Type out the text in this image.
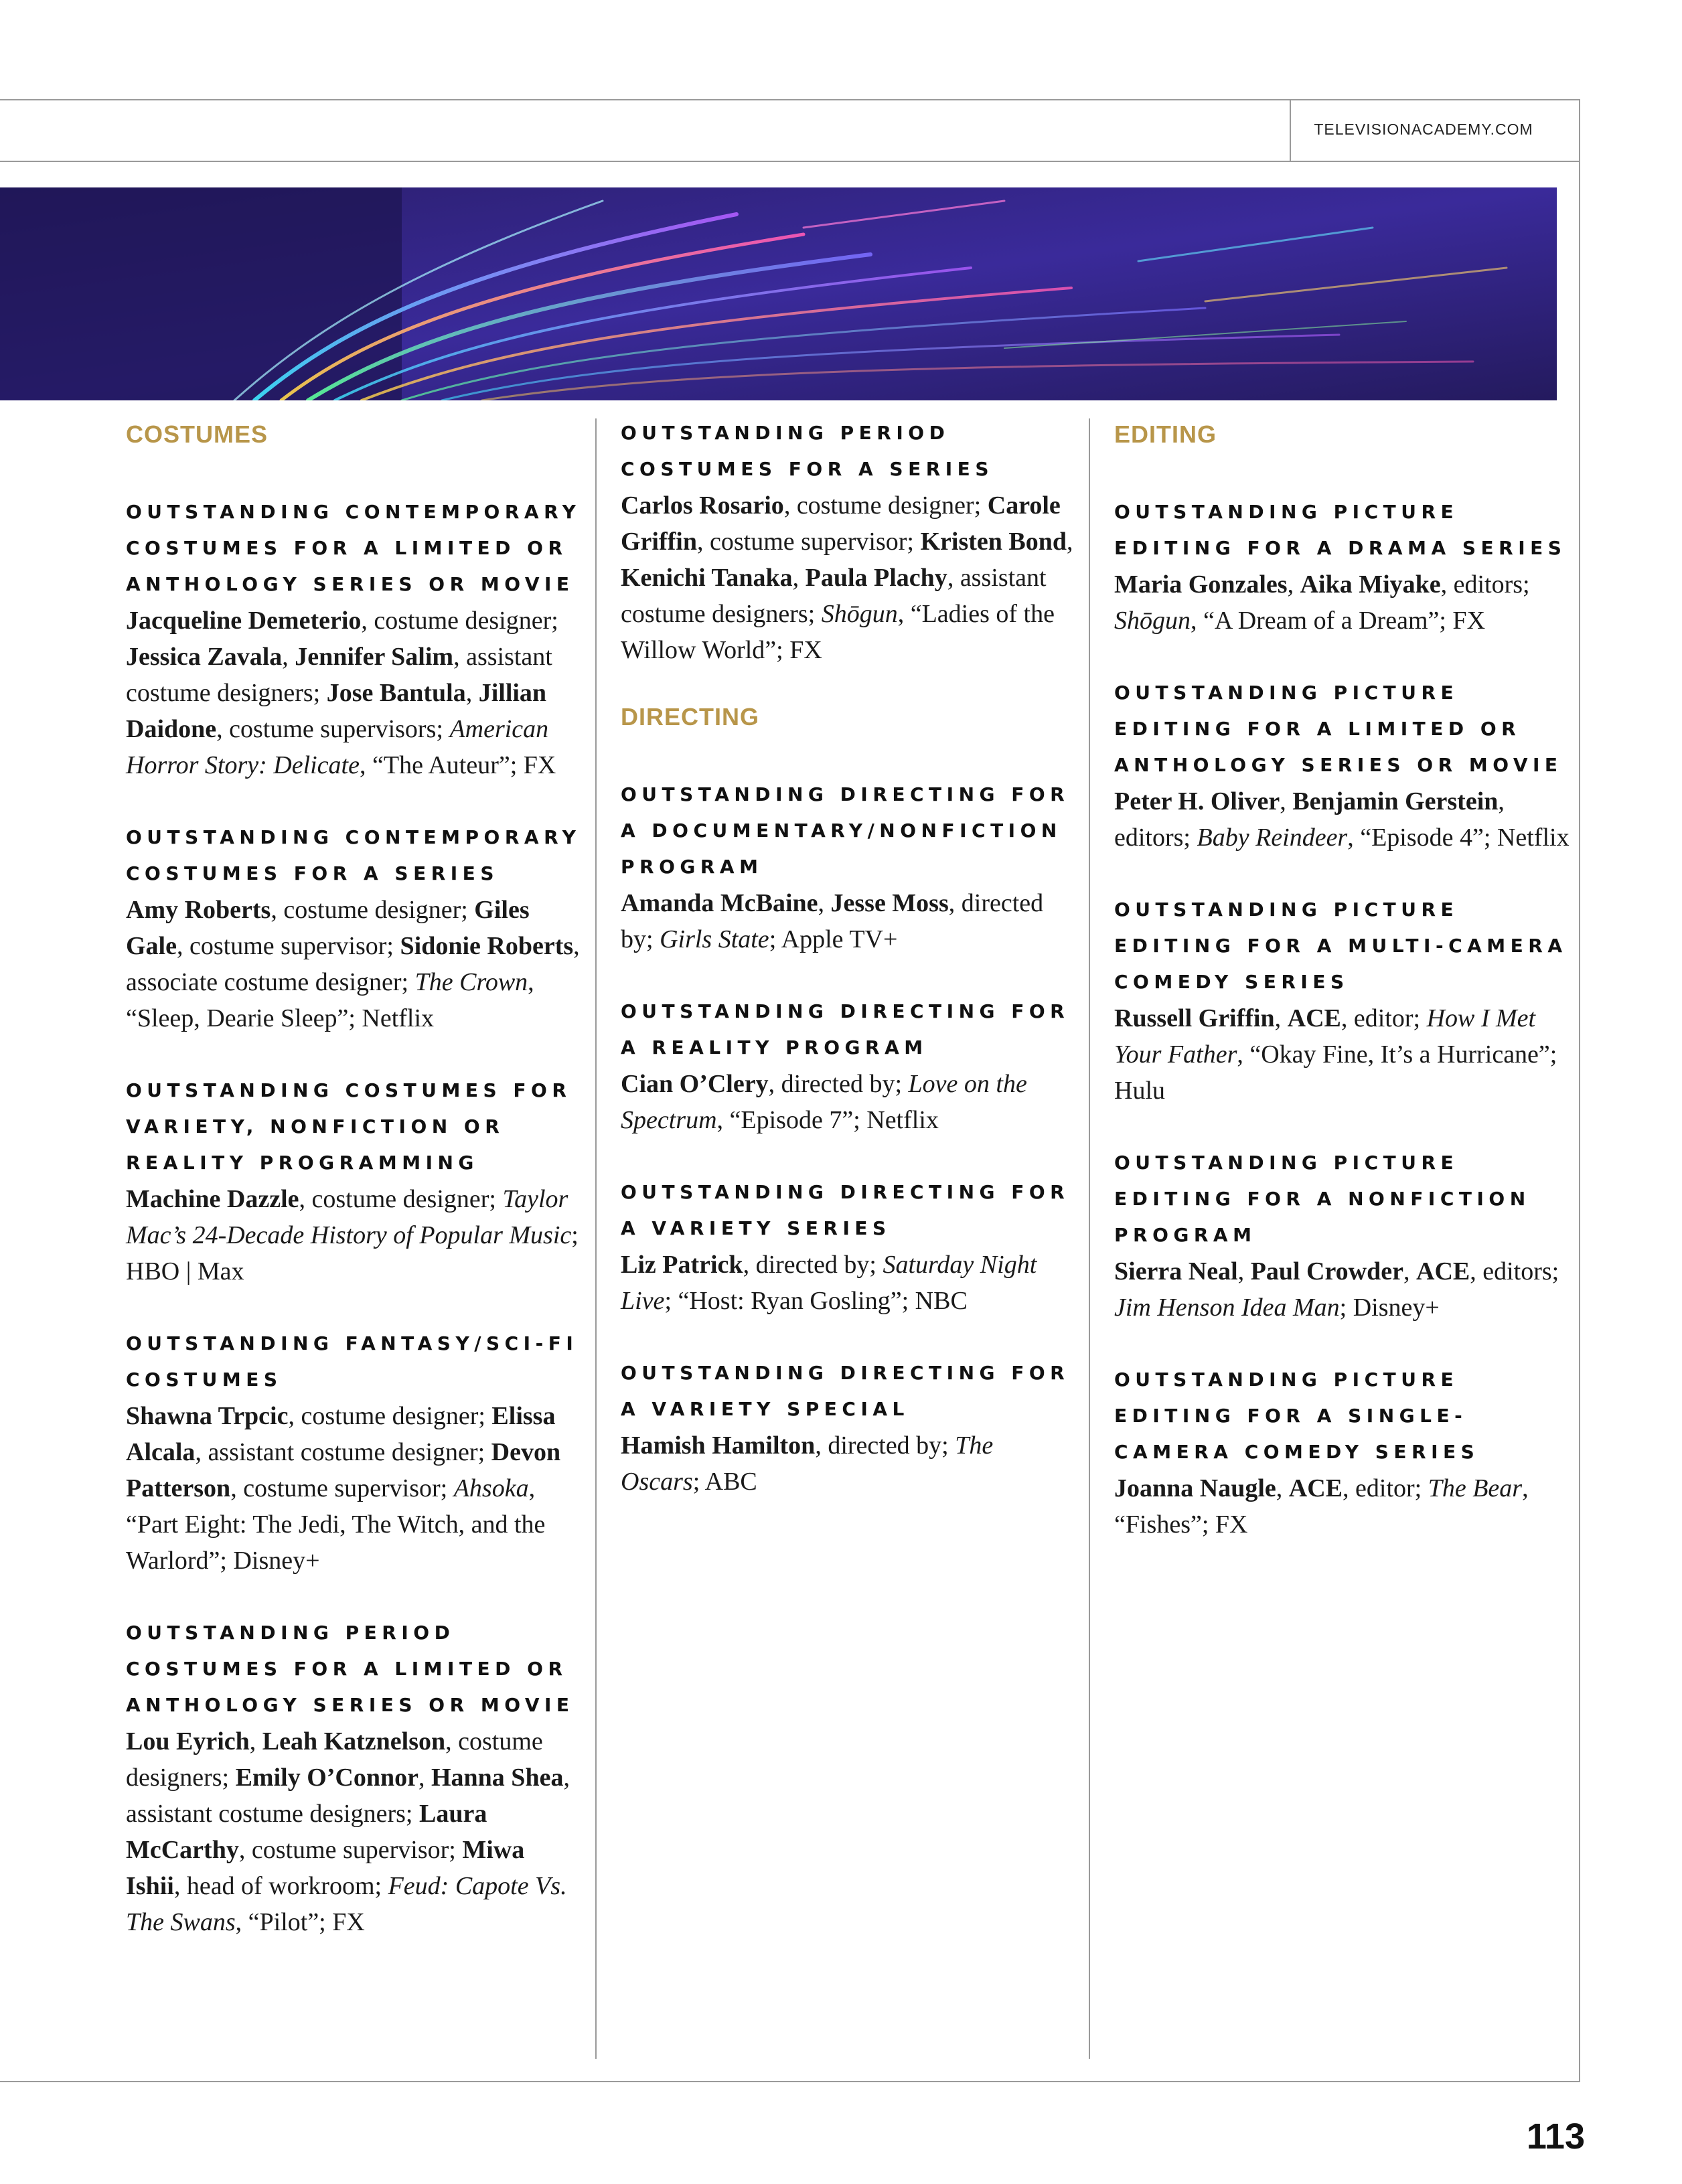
TELEVISIONACADEMY.COM
COSTUMES
OUTSTANDING CONTEMPORARY COSTUMES FOR A LIMITED OR ANTHOLOGY SERIES OR MOVIE
Jacqueline Demeterio, costume designer; Jessica Zavala, Jennifer Salim, assistant costume designers; Jose Bantula, Jillian Daidone, costume supervisors; American Horror Story: Delicate, “The Auteur”; FX
OUTSTANDING CONTEMPORARY COSTUMES FOR A SERIES
Amy Roberts, costume designer; Giles Gale, costume supervisor; Sidonie Roberts, associate costume designer; The Crown, “Sleep, Dearie Sleep”; Netflix
OUTSTANDING COSTUMES FOR VARIETY, NONFICTION OR REALITY PROGRAMMING
Machine Dazzle, costume designer; Taylor Mac’s 24-Decade History of Popular Music; HBO | Max
OUTSTANDING FANTASY/SCI-FI COSTUMES
Shawna Trpcic, costume designer; Elissa Alcala, assistant costume designer; Devon Patterson, costume supervisor; Ahsoka, “Part Eight: The Jedi, The Witch, and the Warlord”; Disney+
OUTSTANDING PERIOD COSTUMES FOR A LIMITED OR ANTHOLOGY SERIES OR MOVIE
Lou Eyrich, Leah Katznelson, costume designers; Emily O’Connor, Hanna Shea, assistant costume designers; Laura McCarthy, costume supervisor; Miwa Ishii, head of workroom; Feud: Capote Vs. The Swans, “Pilot”; FX
OUTSTANDING PERIOD COSTUMES FOR A SERIES
Carlos Rosario, costume designer; Carole Griffin, costume supervisor; Kristen Bond, Kenichi Tanaka, Paula Plachy, assistant costume designers; Shōgun, “Ladies of the Willow World”; FX
DIRECTING
OUTSTANDING DIRECTING FOR A DOCUMENTARY/NONFICTION PROGRAM
Amanda McBaine, Jesse Moss, directed by; Girls State; Apple TV+
OUTSTANDING DIRECTING FOR A REALITY PROGRAM
Cian O’Clery, directed by; Love on the Spectrum, “Episode 7”; Netflix
OUTSTANDING DIRECTING FOR A VARIETY SERIES
Liz Patrick, directed by; Saturday Night Live; “Host: Ryan Gosling”; NBC
OUTSTANDING DIRECTING FOR A VARIETY SPECIAL
Hamish Hamilton, directed by; The Oscars; ABC
EDITING
OUTSTANDING PICTURE EDITING FOR A DRAMA SERIES
Maria Gonzales, Aika Miyake, editors; Shōgun, “A Dream of a Dream”; FX
OUTSTANDING PICTURE EDITING FOR A LIMITED OR ANTHOLOGY SERIES OR MOVIE
Peter H. Oliver, Benjamin Gerstein, editors; Baby Reindeer, “Episode 4”; Netflix
OUTSTANDING PICTURE EDITING FOR A MULTI-CAMERA COMEDY SERIES
Russell Griffin, ACE, editor; How I Met Your Father, “Okay Fine, It’s a Hurricane”; Hulu
OUTSTANDING PICTURE EDITING FOR A NONFICTION PROGRAM
Sierra Neal, Paul Crowder, ACE, editors; Jim Henson Idea Man; Disney+
OUTSTANDING PICTURE EDITING FOR A SINGLE-CAMERA COMEDY SERIES
Joanna Naugle, ACE, editor; The Bear, “Fishes”; FX
113
